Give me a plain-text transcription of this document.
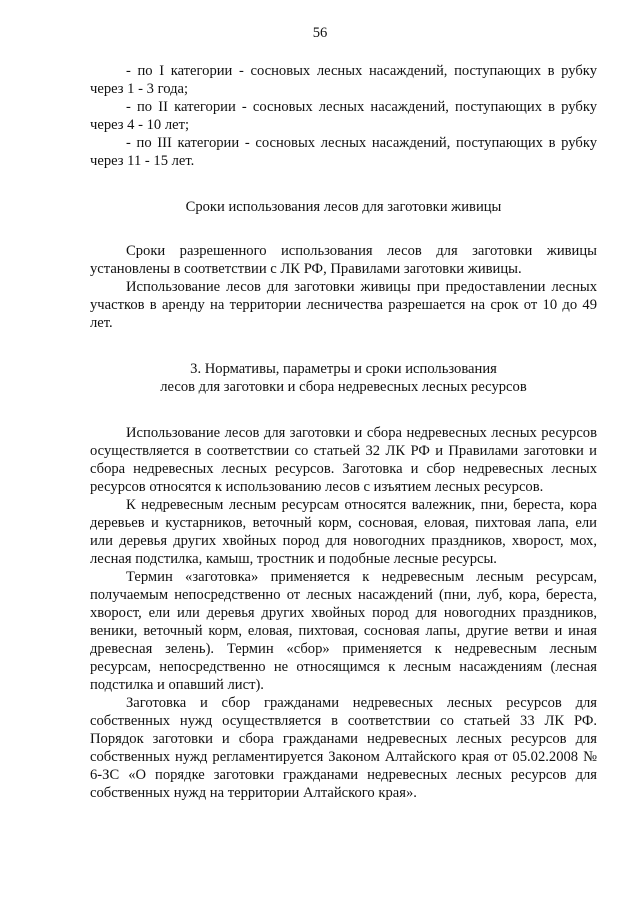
56

- по I категории - сосновых лесных насаждений, поступающих в рубку через 1 - 3 года;

- по II категории - сосновых лесных насаждений, поступающих в рубку через 4 - 10 лет;

- по III категории - сосновых лесных насаждений, поступающих в рубку через 11 - 15 лет.

Сроки использования лесов для заготовки живицы

Сроки разрешенного использования лесов для заготовки живицы установлены в соответствии с ЛК РФ, Правилами заготовки живицы.

Использование лесов для заготовки живицы при предоставлении лесных участков в аренду на территории лесничества разрешается на срок от 10 до 49 лет.

3. Нормативы, параметры и сроки использования

лесов для заготовки и сбора недревесных лесных ресурсов

Использование лесов для заготовки и сбора недревесных лесных ресурсов осуществляется в соответствии со статьей 32 ЛК РФ и Правилами заготовки и сбора недревесных лесных ресурсов. Заготовка и сбор недревесных лесных ресурсов относятся к использованию лесов с изъятием лесных ресурсов.

К недревесным лесным ресурсам относятся валежник, пни, береста, кора деревьев и кустарников, веточный корм, сосновая, еловая, пихтовая лапа, ели или деревья других хвойных пород для новогодних праздников, хворост, мох, лесная подстилка, камыш, тростник и подобные лесные ресурсы.

Термин «заготовка» применяется к недревесным лесным ресурсам, получаемым непосредственно от лесных насаждений (пни, луб, кора, береста, хворост, ели или деревья других хвойных пород для новогодних праздников, веники, веточный корм, еловая, пихтовая, сосновая лапы, другие ветви и иная древесная зелень). Термин «сбор» применяется к недревесным лесным ресурсам, непосредственно не относящимся к лесным насаждениям (лесная подстилка и опавший лист).

Заготовка и сбор гражданами недревесных лесных ресурсов для собственных нужд осуществляется в соответствии со статьей 33 ЛК РФ. Порядок заготовки и сбора гражданами недревесных лесных ресурсов для собственных нужд регламентируется Законом Алтайского края от 05.02.2008 № 6-ЗС «О порядке заготовки гражданами недревесных лесных ресурсов для собственных нужд на территории Алтайского края».
